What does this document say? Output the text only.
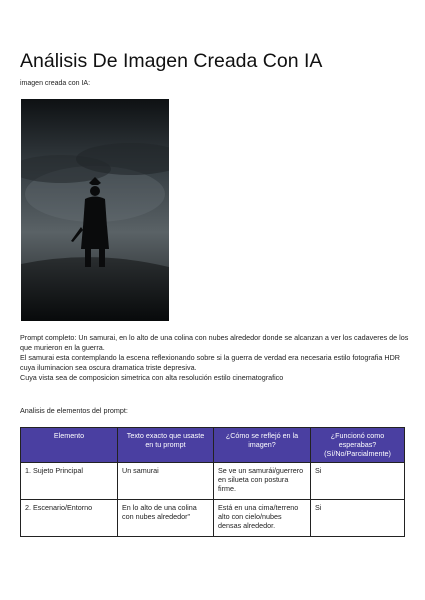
Análisis De Imagen Creada Con IA
imagen creada con IA:

Prompt completo: Un samurai, en lo alto de una colina con nubes alrededor donde se alcanzan a ver los cadaveres de los que murieron en la guerra.

El samurai esta contemplando la escena reflexionando sobre si la guerra de verdad era necesaria estilo fotografia HDR cuya iluminacion sea oscura dramatica triste depresiva.

Cuya vista sea de composicion simetrica con alta resolución estilo cinematografico

Analisis de elementos del prompt:
Elemento	Texto exacto que usaste en tu prompt	¿Cómo se reflejó en la imagen?	¿Funcionó como esperabas? (Sí/No/Parcialmente)
1. Sujeto Principal	Un samurai	Se ve un samurái/guerrero en silueta con postura firme.	Si
2. Escenario/Entorno	En lo alto de una colina con nubes alrededor"	Está en una cima/terreno alto con cielo/nubes densas alrededor.	Si
